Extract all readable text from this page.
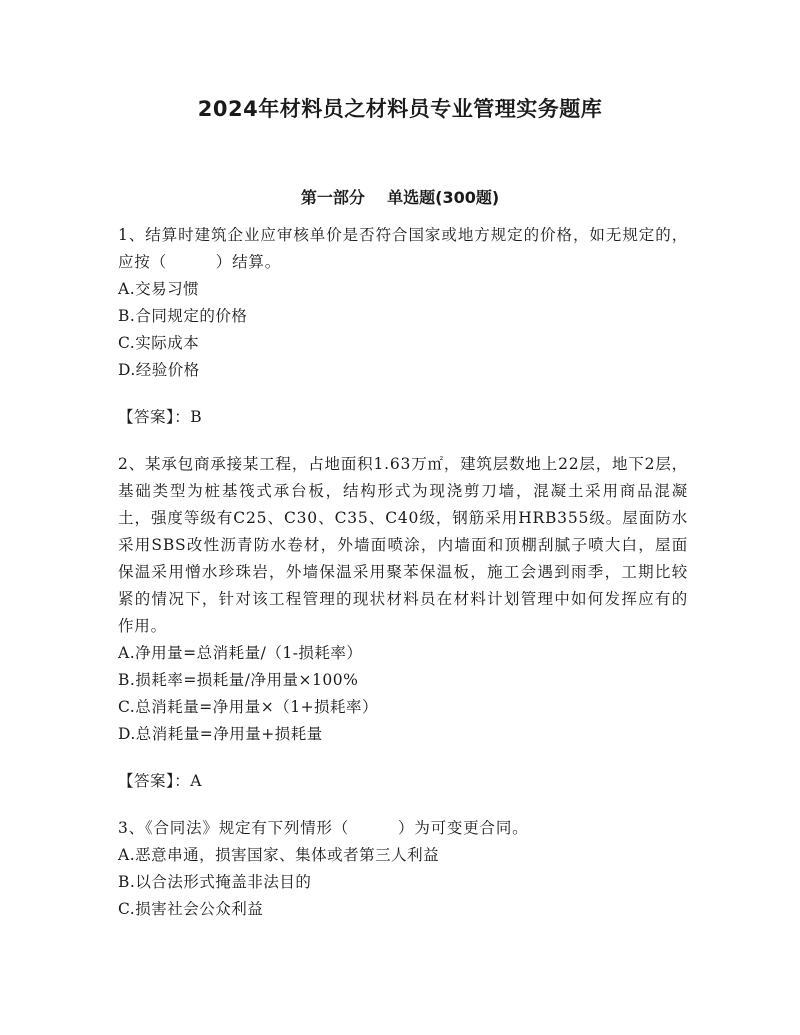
2024年材料员之材料员专业管理实务题库
第一部分    单选题(300题)

1、结算时建筑企业应审核单价是否符合国家或地方规定的价格，如无规定的，应按（　　　）结算。

A.交易习惯

B.合同规定的价格

C.实际成本

D.经验价格

【答案】：B

2、某承包商承接某工程，占地面积1.63万㎡，建筑层数地上22层，地下2层，基础类型为桩基筏式承台板，结构形式为现浇剪刀墙，混凝土采用商品混凝土，强度等级有C25、C30、C35、C40级，钢筋采用HRB355级。屋面防水采用SBS改性沥青防水卷材，外墙面喷涂，内墙面和顶棚刮腻子喷大白，屋面保温采用憎水珍珠岩，外墙保温采用聚苯保温板，施工会遇到雨季，工期比较紧的情况下，针对该工程管理的现状材料员在材料计划管理中如何发挥应有的作用。

A.净用量=总消耗量/（1-损耗率）

B.损耗率=损耗量/净用量×100%

C.总消耗量=净用量×（1+损耗率）

D.总消耗量=净用量+损耗量

【答案】：A

3、《合同法》规定有下列情形（　　　）为可变更合同。

A.恶意串通，损害国家、集体或者第三人利益

B.以合法形式掩盖非法目的

C.损害社会公众利益
